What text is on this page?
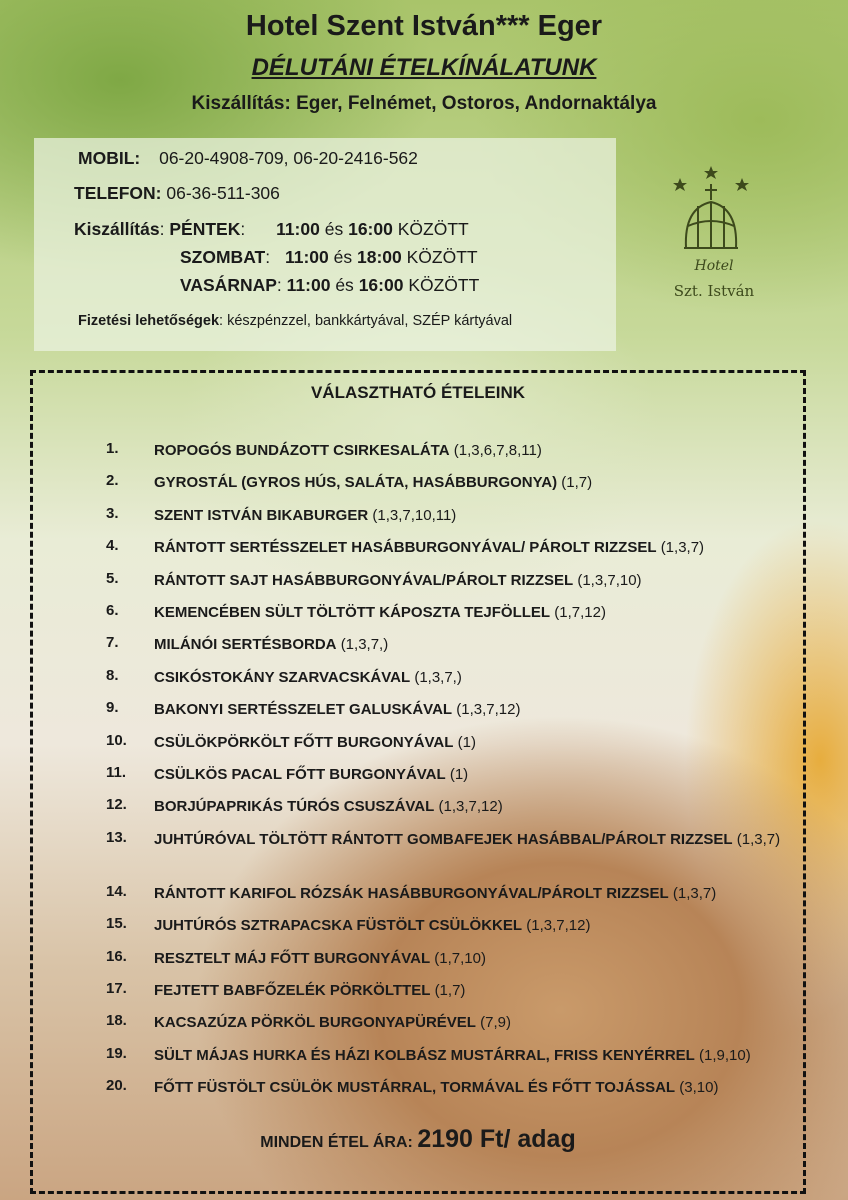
Hotel Szent István*** Eger
DÉLUTÁNI ÉTELKÍNÁLATUNK
Kiszállítás: Eger, Felnémet, Ostoros, Andornaktálya
MOBIL: 06-20-4908-709, 06-20-2416-562
TELEFON: 06-36-511-306
Kiszállítás: PÉNTEK: 11:00 és 16:00 KÖZÖTT
SZOMBAT: 11:00 és 18:00 KÖZÖTT
VASÁRNAP: 11:00 és 16:00 KÖZÖTT
Fizetési lehetőségek: készpénzzel, bankkártyával, SZÉP kártyával
Hotel
Szt. István
VÁLASZTHATÓ ÉTELEINK
1. ROPOGÓS BUNDÁZOTT CSIRKESALÁTA (1,3,6,7,8,11)
2. GYROSTÁL (GYROS HÚS, SALÁTA, HASÁBBURGONYA) (1,7)
3. SZENT ISTVÁN BIKABURGER (1,3,7,10,11)
4. RÁNTOTT SERTÉSSZELET HASÁBBURGONYÁVAL/ PÁROLT RIZZSEL (1,3,7)
5. RÁNTOTT SAJT HASÁBBURGONYÁVAL/PÁROLT RIZZSEL (1,3,7,10)
6. KEMENCÉBEN SÜLT TÖLTÖTT KÁPOSZTA TEJFÖLLEL (1,7,12)
7. MILÁNÓI SERTÉSBORDA (1,3,7,)
8. CSIKÓSTOKÁNY SZARVACSKÁVAL (1,3,7,)
9. BAKONYI SERTÉSSZELET GALUSKÁVAL (1,3,7,12)
10. CSÜLÖKPÖRKÖLT FŐTT BURGONYÁVAL (1)
11. CSÜLKÖS PACAL FŐTT BURGONYÁVAL (1)
12. BORJÚPAPRIKÁS TÚRÓS CSUSZÁVAL (1,3,7,12)
13. JUHTÚRÓVAL TÖLTÖTT RÁNTOTT GOMBAFEJEK HASÁBBAL/PÁROLT RIZZSEL (1,3,7)
14. RÁNTOTT KARIFOL RÓZSÁK HASÁBBURGONYÁVAL/PÁROLT RIZZSEL (1,3,7)
15. JUHTÚRÓS SZTRAPACSKA FÜSTÖLT CSÜLÖKKEL (1,3,7,12)
16. RESZTELT MÁJ FŐTT BURGONYÁVAL (1,7,10)
17. FEJTETT BABFŐZELÉK PÖRKÖLTTEL (1,7)
18. KACSAZÚZA PÖRKÖL BURGONYAPÜRÉVEL (7,9)
19. SÜLT MÁJAS HURKA ÉS HÁZI KOLBÁSZ MUSTÁRRAL, FRISS KENYÉRREL (1,9,10)
20. FŐTT FÜSTÖLT CSÜLÖK MUSTÁRRAL, TORMÁVAL ÉS FŐTT TOJÁSSAL (3,10)
MINDEN ÉTEL ÁRA: 2190 Ft/ adag
